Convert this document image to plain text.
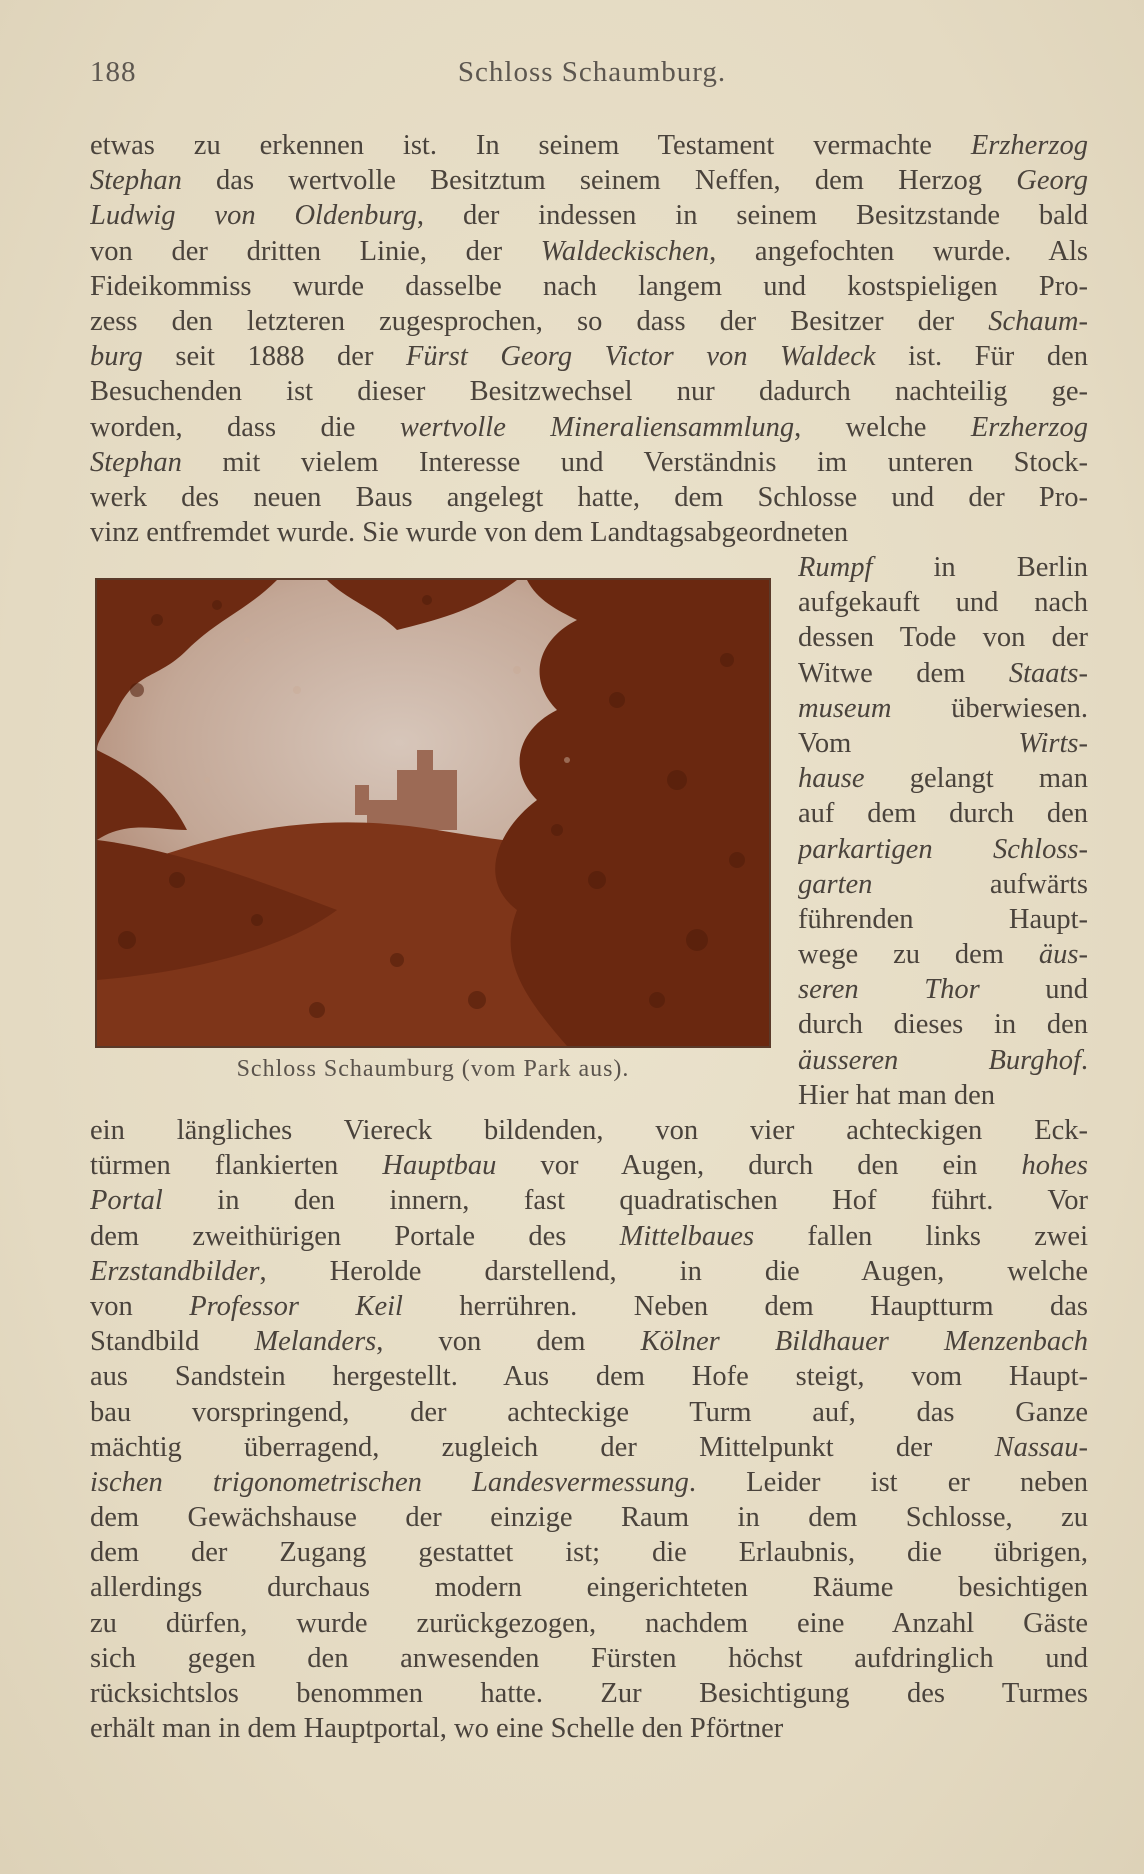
188	Schloss Schaumburg.
etwas zu erkennen ist. In seinem Testament vermachte Erzherzog
Stephan das wertvolle Besitztum seinem Neffen, dem Herzog Georg
Ludwig von Oldenburg, der indessen in seinem Besitzstande bald
von der dritten Linie, der Waldeckischen, angefochten wurde. Als
Fideikommiss wurde dasselbe nach langem und kostspieligen Pro-
zess den letzteren zugesprochen, so dass der Besitzer der Schaum-
burg seit 1888 der Fürst Georg Victor von Waldeck ist. Für den
Besuchenden ist dieser Besitzwechsel nur dadurch nachteilig ge-
worden, dass die wertvolle Mineraliensammlung, welche Erzherzog
Stephan mit vielem Interesse und Verständnis im unteren Stock-
werk des neuen Baus angelegt hatte, dem Schlosse und der Pro-
vinz entfremdet wurde. Sie wurde von dem Landtagsabgeordneten
Schloss Schaumburg (vom Park aus).
Rumpf in Berlin
aufgekauft und nach
dessen Tode von der
Witwe dem Staats-
museum überwiesen.
Vom Wirts-
hause gelangt man
auf dem durch den
parkartigen Schloss-
garten aufwärts
führenden Haupt-
wege zu dem äus-
seren Thor und
durch dieses in den
äusseren Burghof.
Hier hat man den
ein längliches Viereck bildenden, von vier achteckigen Eck-
türmen flankierten Hauptbau vor Augen, durch den ein hohes
Portal in den innern, fast quadratischen Hof führt. Vor
dem zweithürigen Portale des Mittelbaues fallen links zwei
Erzstandbilder, Herolde darstellend, in die Augen, welche
von Professor Keil herrühren. Neben dem Hauptturm das
Standbild Melanders, von dem Kölner Bildhauer Menzenbach
aus Sandstein hergestellt. Aus dem Hofe steigt, vom Haupt-
bau vorspringend, der achteckige Turm auf, das Ganze
mächtig überragend, zugleich der Mittelpunkt der Nassau-
ischen trigonometrischen Landesvermessung. Leider ist er neben
dem Gewächshause der einzige Raum in dem Schlosse, zu
dem der Zugang gestattet ist; die Erlaubnis, die übrigen,
allerdings durchaus modern eingerichteten Räume besichtigen
zu dürfen, wurde zurückgezogen, nachdem eine Anzahl Gäste
sich gegen den anwesenden Fürsten höchst aufdringlich und
rücksichtslos benommen hatte. Zur Besichtigung des Turmes
erhält man in dem Hauptportal, wo eine Schelle den Pförtner
